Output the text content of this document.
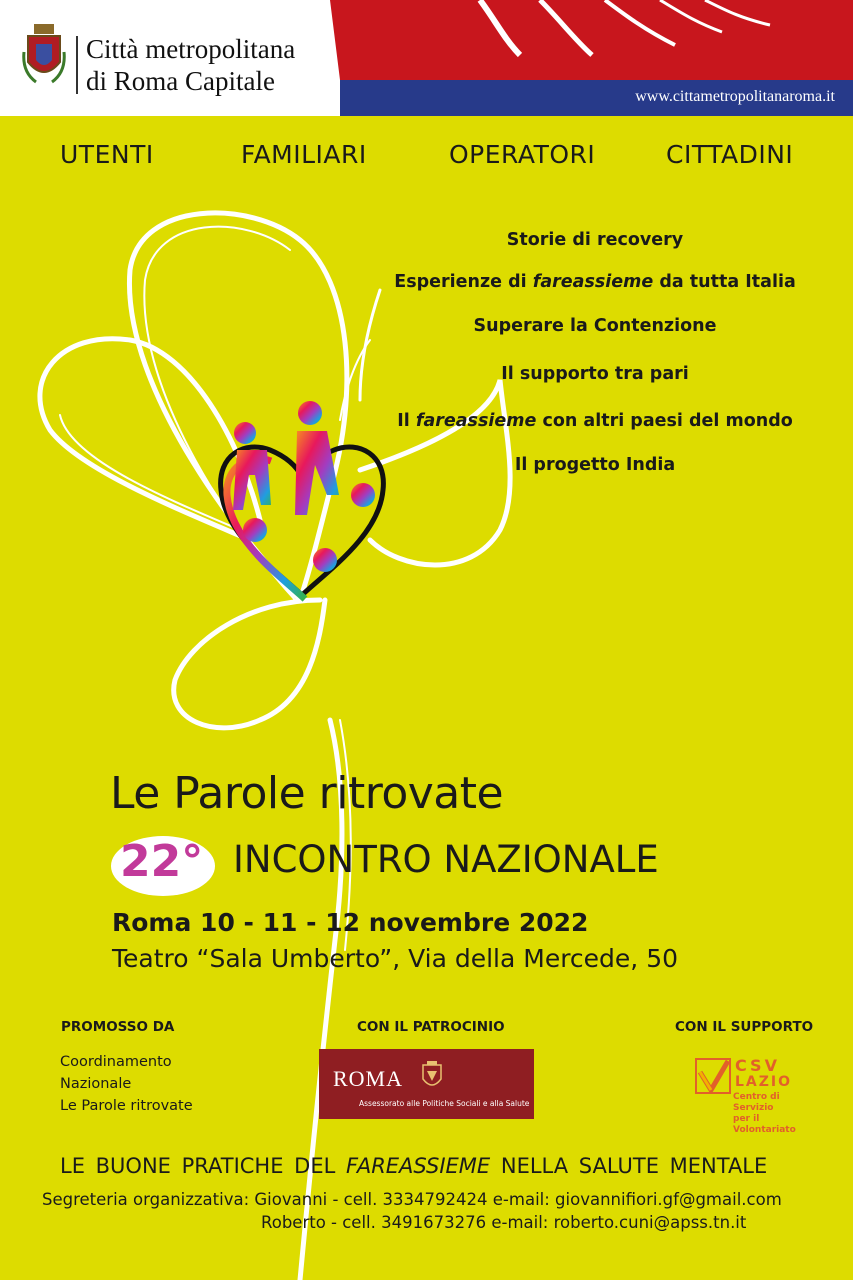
Città metropolitana
di Roma Capitale
www.cittametropolitanaroma.it
UTENTI	FAMILIARI	OPERATORI	CITTADINI
Storie di recovery
Esperienze di fareassieme da tutta Italia
Superare la Contenzione
Il supporto tra pari
Il fareassieme con altri paesi del mondo
Il progetto India
Le Parole ritrovate
22° INCONTRO NAZIONALE
Roma 10 - 11 - 12 novembre 2022
Teatro “Sala Umberto”, Via della Mercede, 50
PROMOSSO DA
Coordinamento
Nazionale
Le Parole ritrovate
CON IL PATROCINIO
ROMA
Assessorato alle Politiche Sociali e alla Salute
CON IL SUPPORTO
CSV
LAZIO
Centro di Servizio
per il Volontariato
LE BUONE PRATICHE DEL FAREASSIEME NELLA SALUTE MENTALE
Segreteria organizzativa: Giovanni - cell. 3334792424 e-mail: giovannifiori.gf@gmail.com
Roberto - cell. 3491673276 e-mail: roberto.cuni@apss.tn.it
